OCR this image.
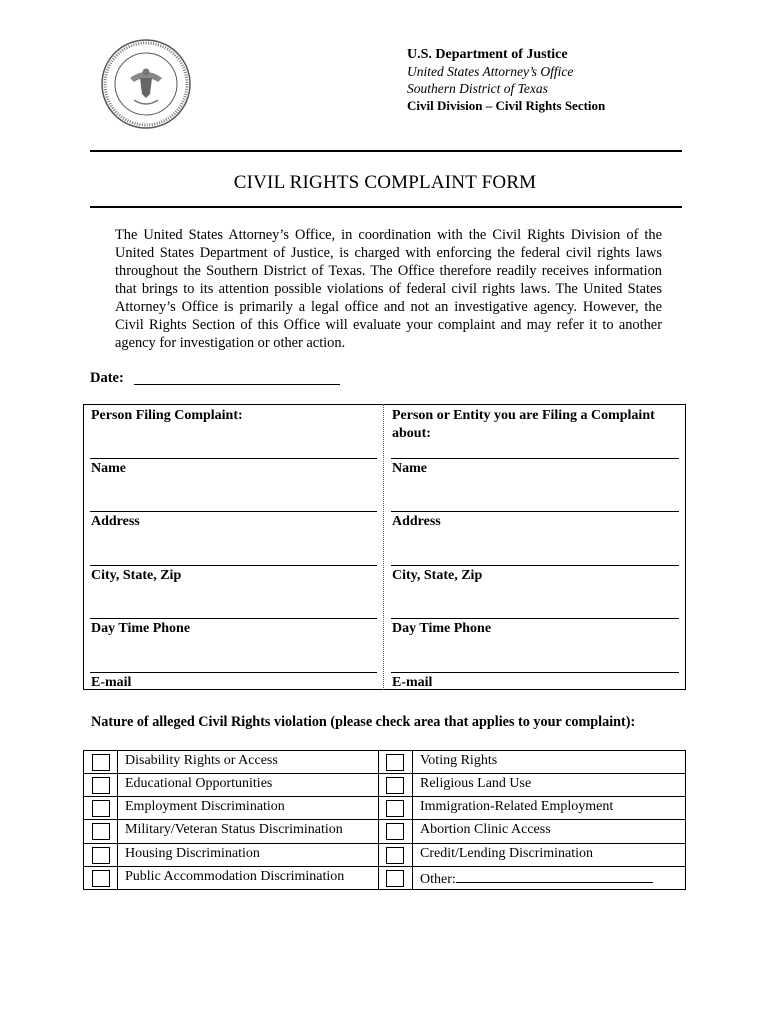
U.S. Department of Justice
United States Attorney’s Office
Southern District of Texas
Civil Division – Civil Rights Section
CIVIL RIGHTS COMPLAINT FORM
The United States Attorney’s Office, in coordination with the Civil Rights Division of the United States Department of Justice, is charged with enforcing the federal civil rights laws throughout the Southern District of Texas. The Office therefore readily receives information that brings to its attention possible violations of federal civil rights laws. The United States Attorney’s Office is primarily a legal office and not an investigative agency. However, the Civil Rights Section of this Office will evaluate your complaint and may refer it to another agency for investigation or other action.
Date:
Person Filing Complaint:
Name
Address
City, State, Zip
Day Time Phone
E-mail
Person or Entity you are Filing a Complaint about:
Name
Address
City, State, Zip
Day Time Phone
E-mail
Nature of alleged Civil Rights violation (please check area that applies to your complaint):
Disability Rights or Access
Educational Opportunities
Employment Discrimination
Military/Veteran Status Discrimination
Housing Discrimination
Public Accommodation Discrimination
Voting Rights
Religious Land Use
Immigration-Related Employment
Abortion Clinic Access
Credit/Lending Discrimination
Other:
